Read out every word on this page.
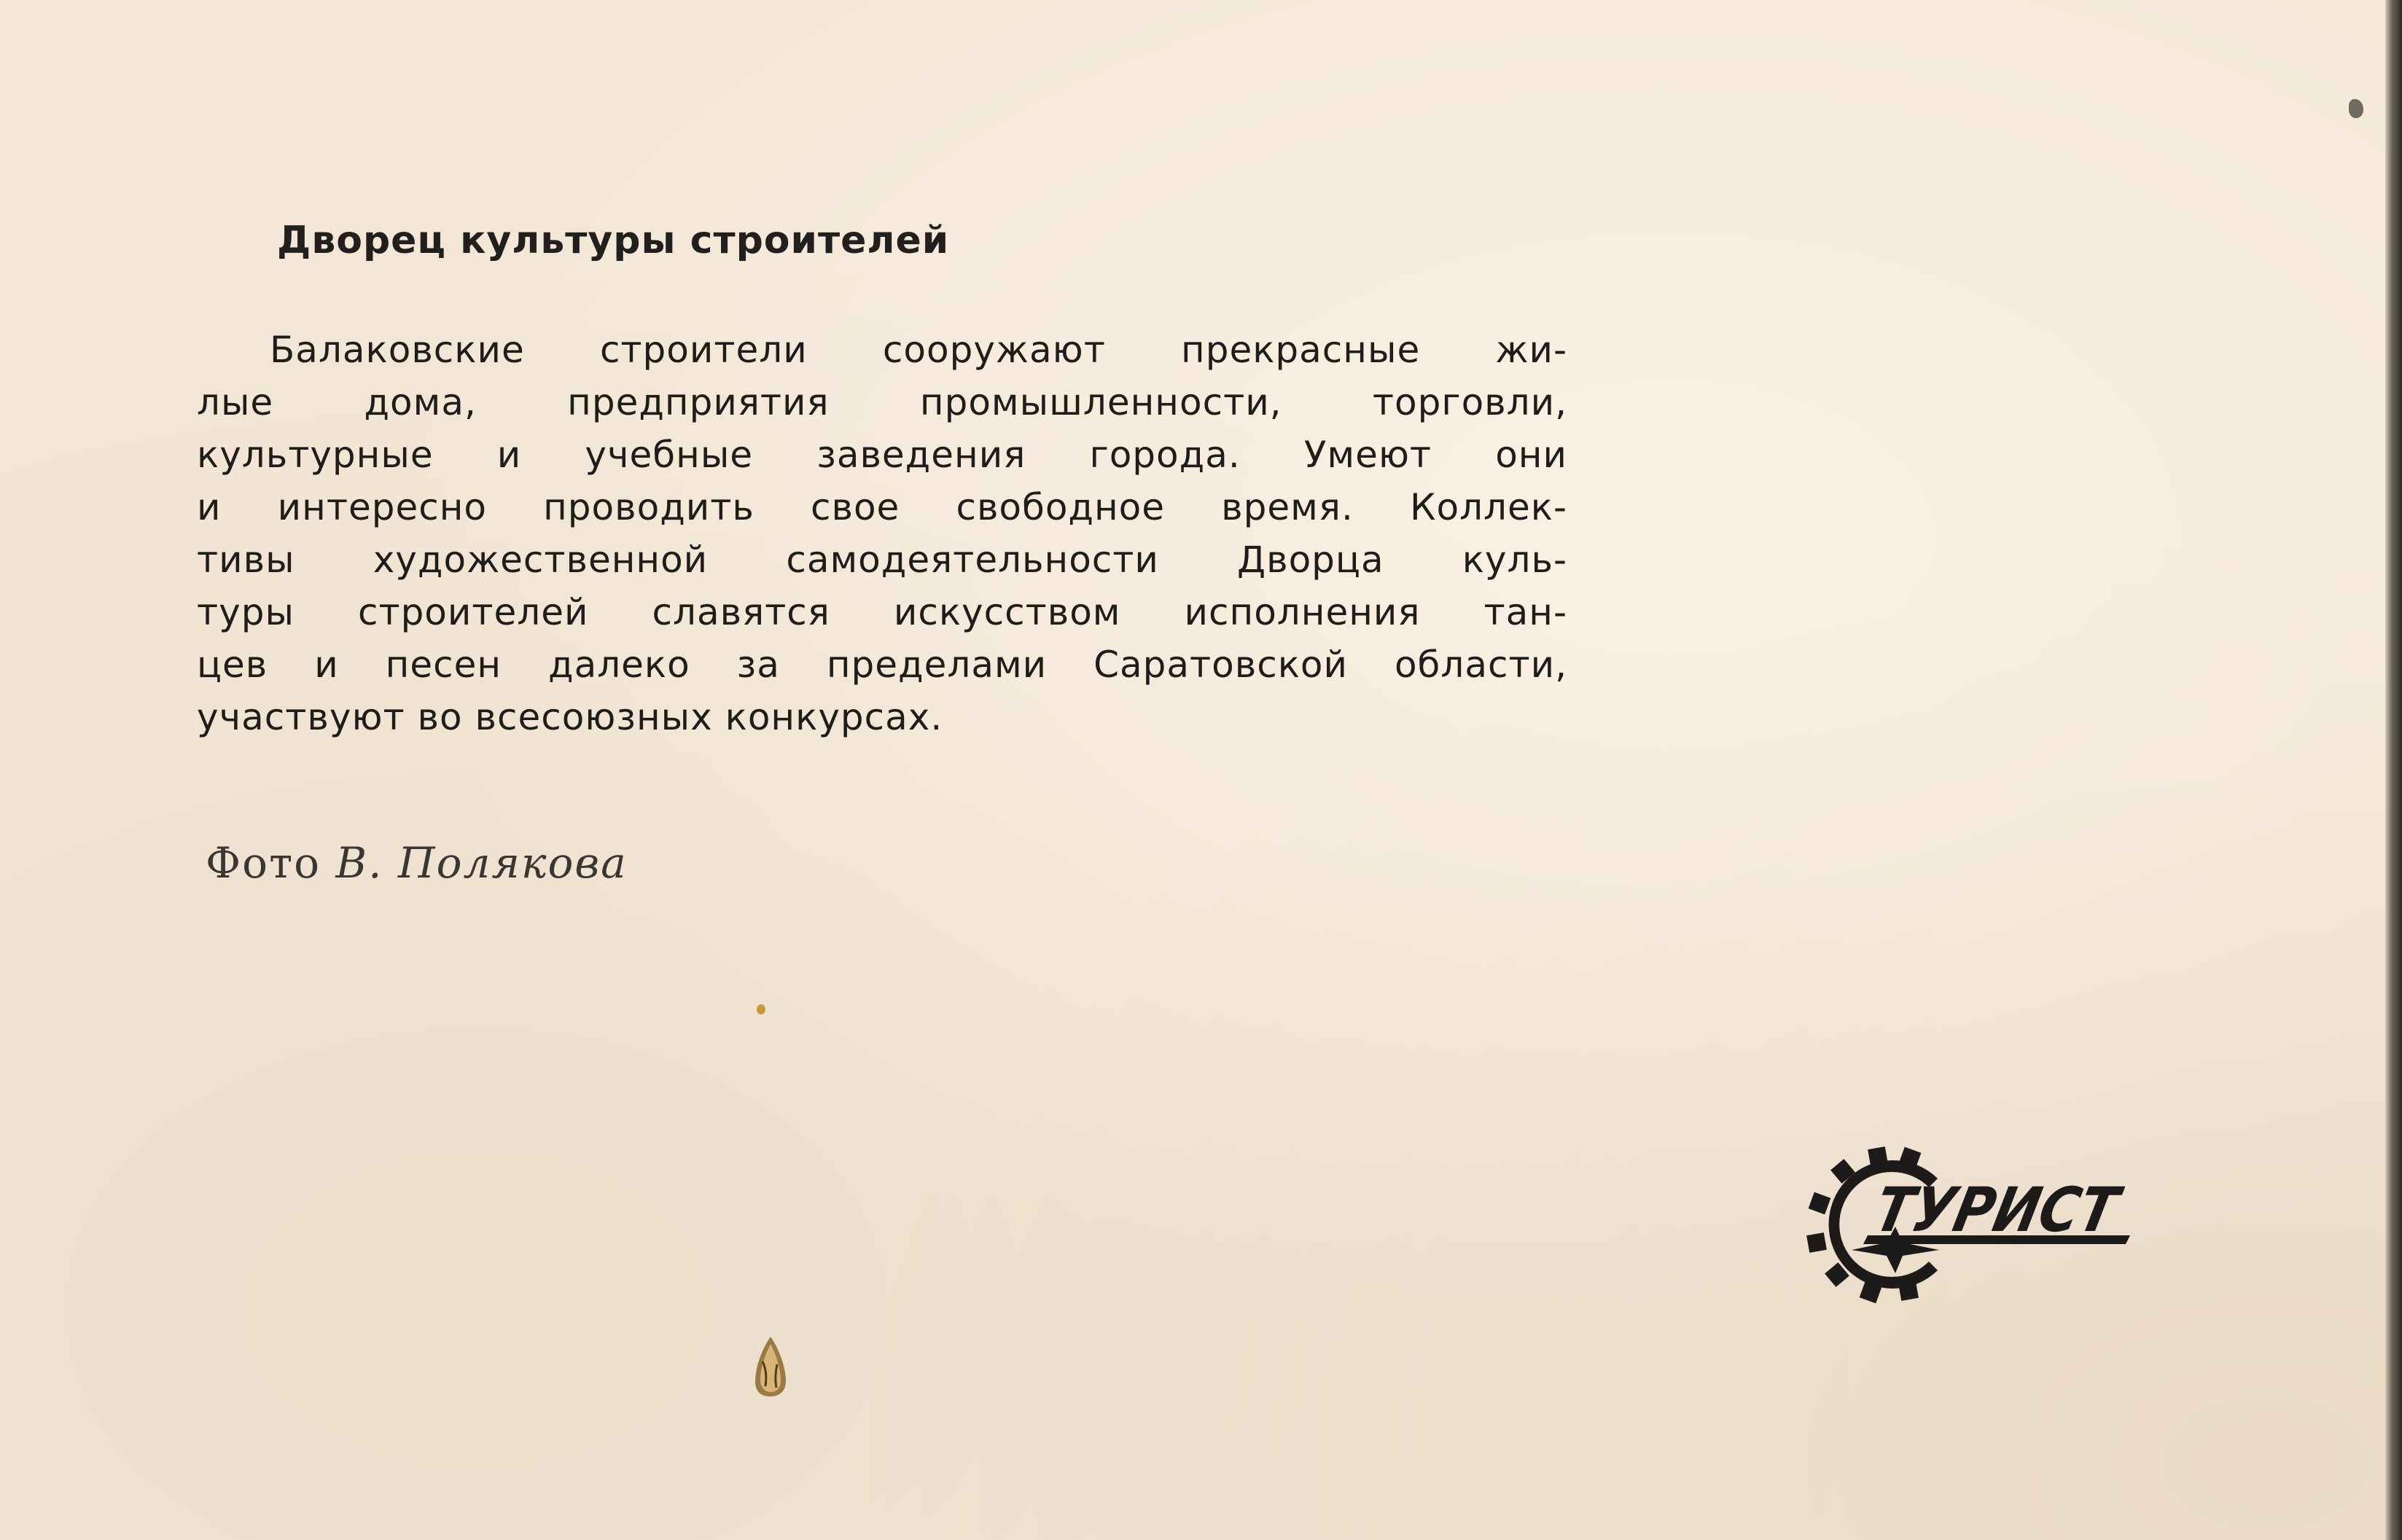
Дворец культуры строителей
Балаковские строители сооружают прекрасные жи-
лые дома, предприятия промышленности, торговли,
культурные и учебные заведения города. Умеют они
и интересно проводить свое свободное время. Коллек-
тивы художественной самодеятельности Дворца куль-
туры строителей славятся искусством исполнения тан-
цев и песен далеко за пределами Саратовской области,
участвуют во всесоюзных конкурсах.
Фото В. Полякова
ТУРИСТ
